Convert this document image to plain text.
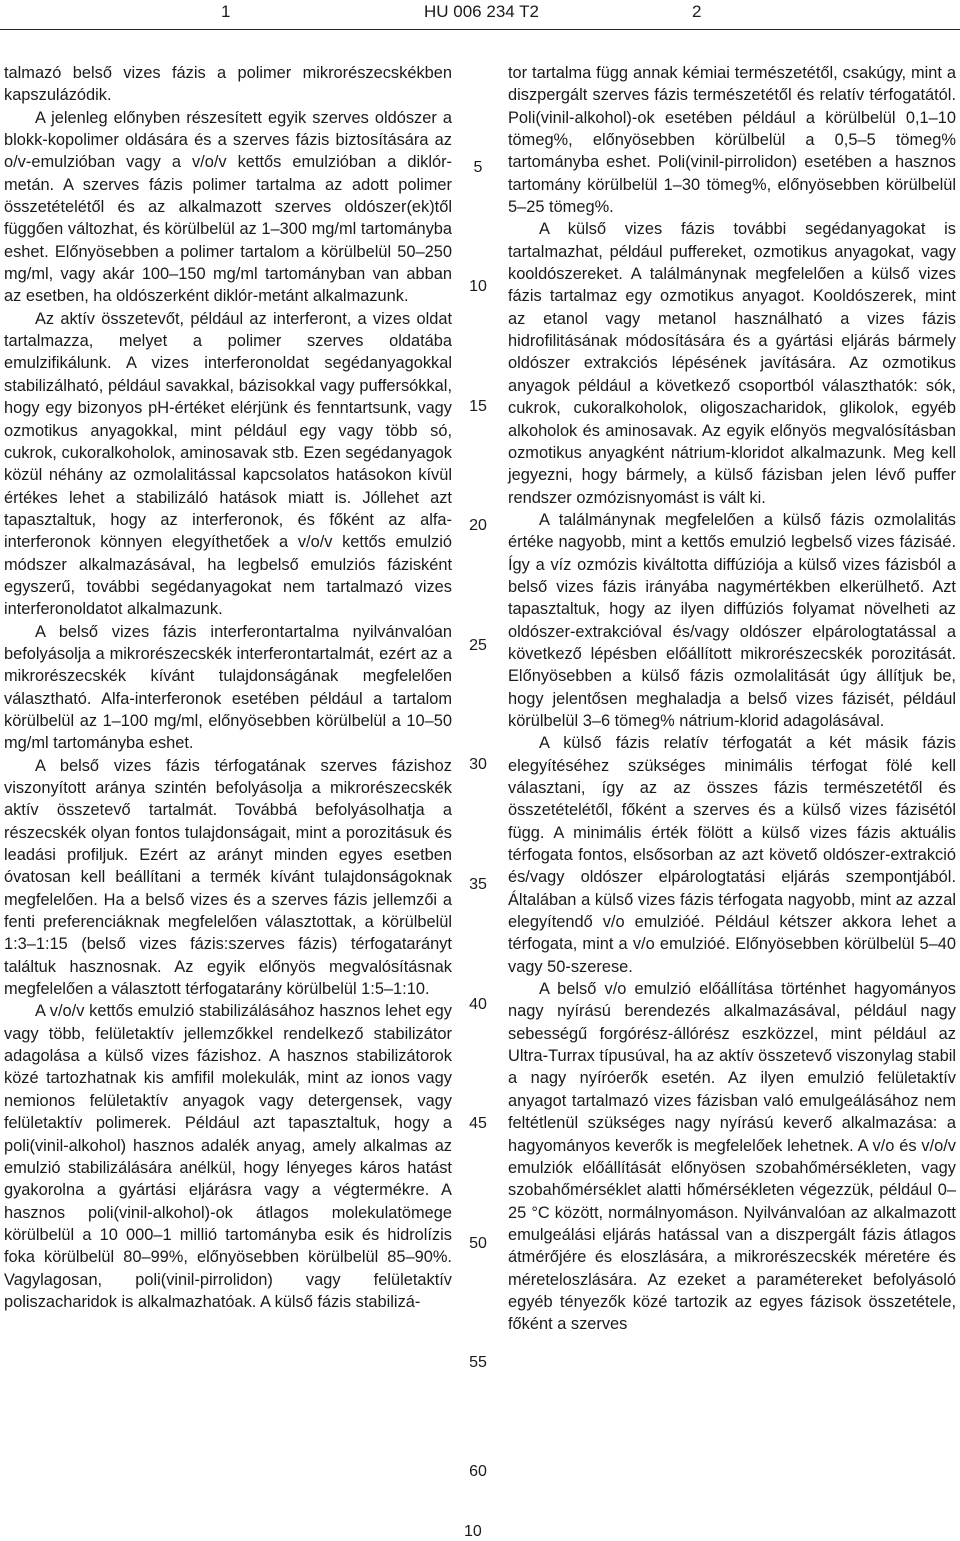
1	HU 006 234 T2	2

talmazó belső vizes fázis a polimer mikrorészecskékben kapszulázódik.

A jelenleg előnyben részesített egyik szerves oldószer a blokk-kopolimer oldására és a szerves fázis biztosítására az o/v-emulzióban vagy a v/o/v kettős emulzióban a diklór-metán. A szerves fázis polimer tartalma az adott polimer összetételétől és az alkalmazott szerves oldószer(ek)től függően változhat, és körülbelül az 1–300 mg/ml tartományba eshet. Előnyösebben a polimer tartalom a körülbelül 50–250 mg/ml, vagy akár 100–150 mg/ml tartományban van abban az esetben, ha oldószerként diklór-metánt alkalmazunk.

Az aktív összetevőt, például az interferont, a vizes oldat tartalmazza, melyet a polimer szerves oldatába emulzifikálunk. A vizes interferonoldat segédanyagokkal stabilizálható, például savakkal, bázisokkal vagy puffersókkal, hogy egy bizonyos pH-értéket elérjünk és fenntartsunk, vagy ozmotikus anyagokkal, mint például egy vagy több só, cukrok, cukoralkoholok, aminosavak stb. Ezen segédanyagok közül néhány az ozmolalitással kapcsolatos hatásokon kívül értékes lehet a stabilizáló hatások miatt is. Jóllehet azt tapasztaltuk, hogy az interferonok, és főként az alfa-interferonok könnyen elegyíthetőek a v/o/v kettős emulzió módszer alkalmazásával, ha legbelső emulziós fázisként egyszerű, további segédanyagokat nem tartalmazó vizes interferonoldatot alkalmazunk.

A belső vizes fázis interferontartalma nyilvánvalóan befolyásolja a mikrorészecskék interferontartalmát, ezért az a mikrorészecskék kívánt tulajdonságának megfelelően választható. Alfa-interferonok esetében például a tartalom körülbelül az 1–100 mg/ml, előnyösebben körülbelül a 10–50 mg/ml tartományba eshet.

A belső vizes fázis térfogatának szerves fázishoz viszonyított aránya szintén befolyásolja a mikrorészecskék aktív összetevő tartalmát. Továbbá befolyásolhatja a részecskék olyan fontos tulajdonságait, mint a porozitásuk és leadási profiljuk. Ezért az arányt minden egyes esetben óvatosan kell beállítani a termék kívánt tulajdonságoknak megfelelően. Ha a belső vizes és a szerves fázis jellemzői a fenti preferenciáknak megfelelően választottak, a körülbelül 1:3–1:15 (belső vizes fázis:szerves fázis) térfogatarányt találtuk hasznosnak. Az egyik előnyös megvalósításnak megfelelően a választott térfogatarány körülbelül 1:5–1:10.

A v/o/v kettős emulzió stabilizálásához hasznos lehet egy vagy több, felületaktív jellemzőkkel rendelkező stabilizátor adagolása a külső vizes fázishoz. A hasznos stabilizátorok közé tartozhatnak kis amfifil molekulák, mint az ionos vagy nemionos felületaktív anyagok vagy detergensek, vagy felületaktív polimerek. Például azt tapasztaltuk, hogy a poli(vinil-alkohol) hasznos adalék anyag, amely alkalmas az emulzió stabilizálására anélkül, hogy lényeges káros hatást gyakorolna a gyártási eljárásra vagy a végtermékre. A hasznos poli(vinil-alkohol)-ok átlagos molekulatömege körülbelül a 10 000–1 millió tartományba esik és hidrolízis foka körülbelül 80–99%, előnyösebben körülbelül 85–90%. Vagylagosan, poli(vinil-pirrolidon) vagy felületaktív poliszacharidok is alkalmazhatóak. A külső fázis stabilizá-

tor tartalma függ annak kémiai természetétől, csakúgy, mint a diszpergált szerves fázis természetétől és relatív térfogatától. Poli(vinil-alkohol)-ok esetében például a körülbelül 0,1–10 tömeg%, előnyösebben körülbelül a 0,5–5 tömeg% tartományba eshet. Poli(vinil-pirrolidon) esetében a hasznos tartomány körülbelül 1–30 tömeg%, előnyösebben körülbelül 5–25 tömeg%.

A külső vizes fázis további segédanyagokat is tartalmazhat, például puffereket, ozmotikus anyagokat, vagy kooldószereket. A találmánynak megfelelően a külső vizes fázis tartalmaz egy ozmotikus anyagot. Kooldószerek, mint az etanol vagy metanol használható a vizes fázis hidrofilitásának módosítására és a gyártási eljárás bármely oldószer extrakciós lépésének javítására. Az ozmotikus anyagok például a következő csoportból választhatók: sók, cukrok, cukoralkoholok, oligoszacharidok, glikolok, egyéb alkoholok és aminosavak. Az egyik előnyös megvalósításban ozmotikus anyagként nátrium-kloridot alkalmazunk. Meg kell jegyezni, hogy bármely, a külső fázisban jelen lévő puffer rendszer ozmózisnyomást is vált ki.

A találmánynak megfelelően a külső fázis ozmolalitás értéke nagyobb, mint a kettős emulzió legbelső vizes fázisáé. Így a víz ozmózis kiváltotta diffúziója a külső vizes fázisból a belső vizes fázis irányába nagymértékben elkerülhető. Azt tapasztaltuk, hogy az ilyen diffúziós folyamat növelheti az oldószer-extrakcióval és/vagy oldószer elpárologtatással a következő lépésben előállított mikrorészecskék porozitását. Előnyösebben a külső fázis ozmolalitását úgy állítjuk be, hogy jelentősen meghaladja a belső vizes fázisét, például körülbelül 3–6 tömeg% nátrium-klorid adagolásával.

A külső fázis relatív térfogatát a két másik fázis elegyítéséhez szükséges minimális térfogat fölé kell választani, így az az összes fázis természetétől és összetételétől, főként a szerves és a külső vizes fázisétól függ. A minimális érték fölött a külső vizes fázis aktuális térfogata fontos, elsősorban az azt követő oldószer-extrakció és/vagy oldószer elpárologtatási eljárás szempontjából. Általában a külső vizes fázis térfogata nagyobb, mint az azzal elegyítendő v/o emulzióé. Például kétszer akkora lehet a térfogata, mint a v/o emulzióé. Előnyösebben körülbelül 5–40 vagy 50-szerese.

A belső v/o emulzió előállítása történhet hagyományos nagy nyírású berendezés alkalmazásával, például nagy sebességű forgórész-állórész eszközzel, mint például az Ultra-Turrax típusúval, ha az aktív összetevő viszonylag stabil a nagy nyíróerők esetén. Az ilyen emulzió felületaktív anyagot tartalmazó vizes fázisban való emulgeálásához nem feltétlenül szükséges nagy nyírású keverő alkalmazása: a hagyományos keverők is megfelelőek lehetnek. A v/o és v/o/v emulziók előállítását előnyösen szobahőmérsékleten, vagy szobahőmérséklet alatti hőmérsékleten végezzük, például 0–25 °C között, normálnyomáson. Nyilvánvalóan az alkalmazott emulgeálási eljárás hatással van a diszpergált fázis átlagos átmérőjére és eloszlására, a mikrorészecskék méretére és méreteloszlására. Az ezeket a paramétereket befolyásoló egyéb tényezők közé tartozik az egyes fázisok összetétele, főként a szerves

5
10
15
20
25
30
35
40
45
50
55
60
10
